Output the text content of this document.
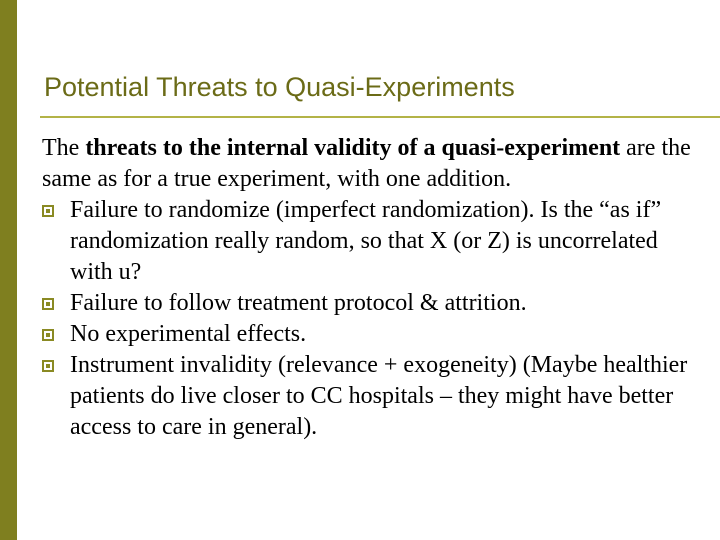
Potential Threats to Quasi-Experiments

The threats to the internal validity of a quasi-experiment are the same as for a true experiment, with one addition.

Failure to randomize (imperfect randomization). Is the “as if” randomization really random, so that X (or Z) is uncorrelated with u?
Failure to follow treatment protocol & attrition.
No experimental effects.
Instrument invalidity (relevance + exogeneity) (Maybe healthier patients do live closer to CC hospitals – they might have better access to care in general).
